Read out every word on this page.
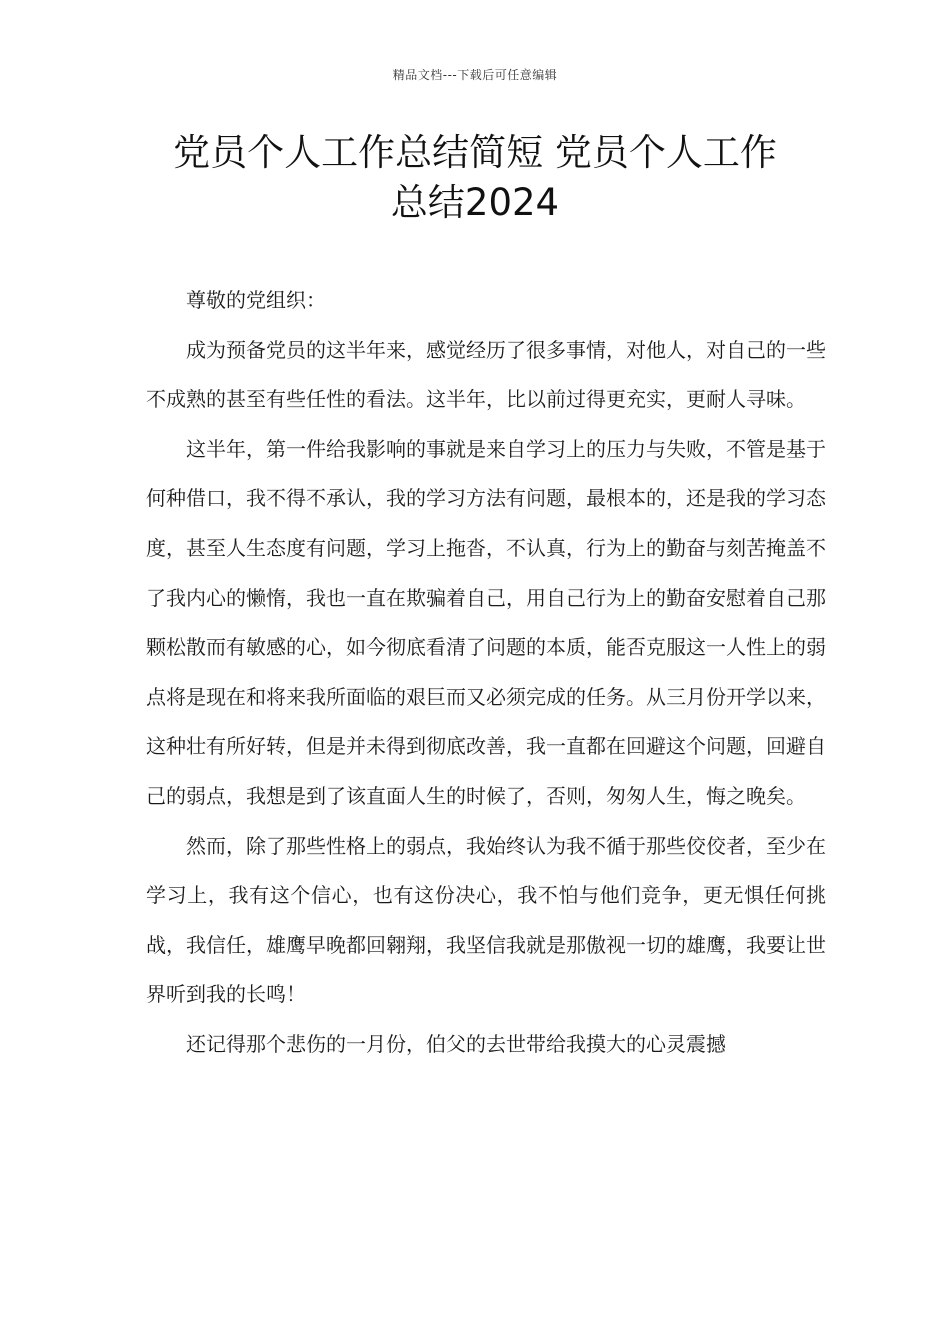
精品文档---下载后可任意编辑
党员个人工作总结简短 党员个人工作
总结2024

尊敬的党组织：

成为预备党员的这半年来，感觉经历了很多事情，对他人，对自己的一些不成熟的甚至有些任性的看法。这半年，比以前过得更充实，更耐人寻味。

这半年，第一件给我影响的事就是来自学习上的压力与失败，不管是基于何种借口，我不得不承认，我的学习方法有问题，最根本的，还是我的学习态度，甚至人生态度有问题，学习上拖沓，不认真，行为上的勤奋与刻苦掩盖不了我内心的懒惰，我也一直在欺骗着自己，用自己行为上的勤奋安慰着自己那颗松散而有敏感的心，如今彻底看清了问题的本质，能否克服这一人性上的弱点将是现在和将来我所面临的艰巨而又必须完成的任务。从三月份开学以来，这种壮有所好转，但是并未得到彻底改善，我一直都在回避这个问题，回避自己的弱点，我想是到了该直面人生的时候了，否则，匆匆人生，悔之晚矣。

然而，除了那些性格上的弱点，我始终认为我不循于那些佼佼者，至少在学习上，我有这个信心，也有这份决心，我不怕与他们竞争，更无惧任何挑战，我信任，雄鹰早晚都回翱翔，我坚信我就是那傲视一切的雄鹰，我要让世界听到我的长鸣！

还记得那个悲伤的一月份，伯父的去世带给我摸大的心灵震撼
